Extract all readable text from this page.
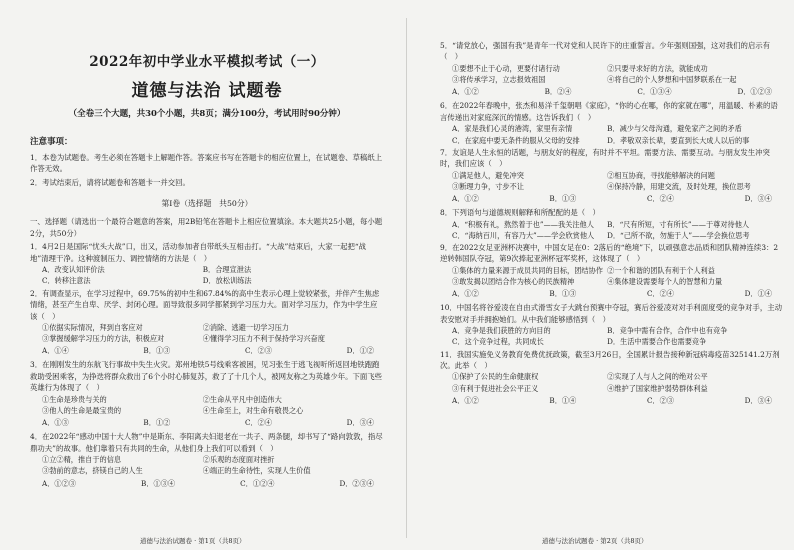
2022年初中学业水平模拟考试（一）
道德与法治 试题卷
（全卷三个大题，共30个小题，共8页；满分100分，考试用时90分钟）
注意事项：
1．本卷为试题卷。考生必须在答题卡上解题作答。答案应书写在答题卡的相应位置上，在试题卷、草稿纸上作答无效。
2．考试结束后，请将试题卷和答题卡一并交回。
第Ⅰ卷（选择题　共50分）
一、选择题（请选出一个最符合题意的答案，用2B铅笔在答题卡上相应位置填涂。本大题共25小题，每小题2分，共50分）
1．4月2日是国际“忧头大战”口，出又，活动参加者自带纸头互相击打。“大战”结束后，大家一起把“战地”清理干净。这种渡制压力、调控情绪的方法是（　）
A．改变认知评价法	B．合理宣泄法
C．转移注意法	D．放松训练法
2．有调查显示，在学习过程中，69.75%的初中生和67.84%的高中生表示心理上觉较紧张，并伴产生焦虑情绪，甚至产生自卑、厌学、封闭心理。面导致很多同学都紧到学习压力大。面对学习压力，作为中学生应该（　）
①依据实际情况，拜到自客应对	②消除、逃避一切学习压力
③掌握缓解学习压力的方法，积极应对	④懂得学习压力不利于保持学习兴奋度
A．①④	B．①③	C．②③	D．①②
3．在刚刚发生的东航飞行事故中失生火灾。郑州地铁5号线乘客被困，见习张生于逃飞视听所返回地铁跑跑救助受困乘客，为挣迭将群众救出了6个小时心肺复苏，救了了十几个人，被网友称之为英雄少年。下面飞些英雄行为体现了（　）
①生命是珍贵与关的	②生命从平凡中创造伟大
③他人的生命是最宝贵的	④生命至上，对生命有敬畏之心
A．①③	B．①②	C．②④	D．③④
4．在2022年“感动中国十大人物”中是斯东、李阳离夫妇退老在一共子、两条腿，却书写了“路向敦敦，指尽鼎功夫”的故事。他们靠着只有共同的生命，从他们身上我们可以看到（　）
①立②精，推自于的信息	②乐观的态度面对挫折
③勃前的意志，挤镁自己的人生	④端正的生命待性，实现人生价值
A．①②③	B．①③④	C．①②④	D．②③④
道德与法治试题卷 · 第1页（共8页）
5．“请党放心，强国有我”是青年一代对党和人民许下的庄重誓言。少年强则国强，这对我们的启示有（　）
①要想不止于心动，更要付诸行动	②只要寻求好的方法，就能成功
③将传承学习，立志报效祖国	④将自己的个人梦想和中国梦联系在一起
A．①②	B．②④	C．①③④	D．①②③
6．在2022年春晚中，张杰和易洋千玺朝唱《家庭》，“你的心在哪，你的家就在哪”，用温暖、朴素的语言传递出对家庭深沉的情感。这告诉我们（　）
A．家是我们心灵的港湾，家里有亲情	B．减少与父母沟通，避免家产之间的矛盾
C．在家庭中要无条件的服从父母的安排	D．孝敬双亲长辈，要直到长大成人以后的事
7．友谊是人生永恒的话题，与朋友好的程度，有时并不平坦。需要方法、需要互动。与朋友发生冲突时，我们应该（　）
①满足他人，避免冲突	②相互协商，寻找能够解决的问题
③断理力争，寸步不让	④保持冷静，用建交流，及时处理，换位思考
A．①②	B．①③	C．②④	D．③④
8．下列语句与道德规则解释和所配配的是（　）
A．“积极有礼，熬然着于也”——我关注他人	B．“尺有所短，寸有所长”——于尊对待他人
C．“海纳百川，有容乃大”——学会欣赏他人	D．“己所不欲，勿施于人”——学会换位思考
9．在2022女足亚洲杯决赛中，中国女足在0：2落后的“绝境”下，以顽强意志品质和团队精神连续3：2逆转韩国队夺冠，第9次捧起亚洲杯冠军奖杯，这体现了（　）
①集体的力量来源于成员共同的目标，团结协作 ②一个和谐的团队有利于个人利益
③敢发揭以团结合作为核心的民族精神	④集体建设需要每个人的智慧和力量
A．①②	B．①③	C．②④	D．①④
10．中国名将谷爱凌在自由式滑雪女子大跳台预赛中夺冠，赛后谷爱凌对对手利面度受的竞争对手，主动表安慰对手并拥抱她们。从中我们能够感悟到（　）
A．竞争是我们获胜的方向目的	B．竞争中需有合作，合作中也有竞争
C．这个竞争过程，共同成长	D．生活中需要合作也需要竞争
11．我国实施免义务教育免费优抚政策，截至3月26日，全国累计报告接种新冠病毒疫苗325141.2万剂次。此举（　）
①保护了公民的生命健康权	②实现了人与人之间的绝对公平
③有利于促进社会公平正义	④维护了国家维护弱势群体利益
A．①②	B．①④	C．②③	D．③④
道德与法治试题卷 · 第2页（共8页）
